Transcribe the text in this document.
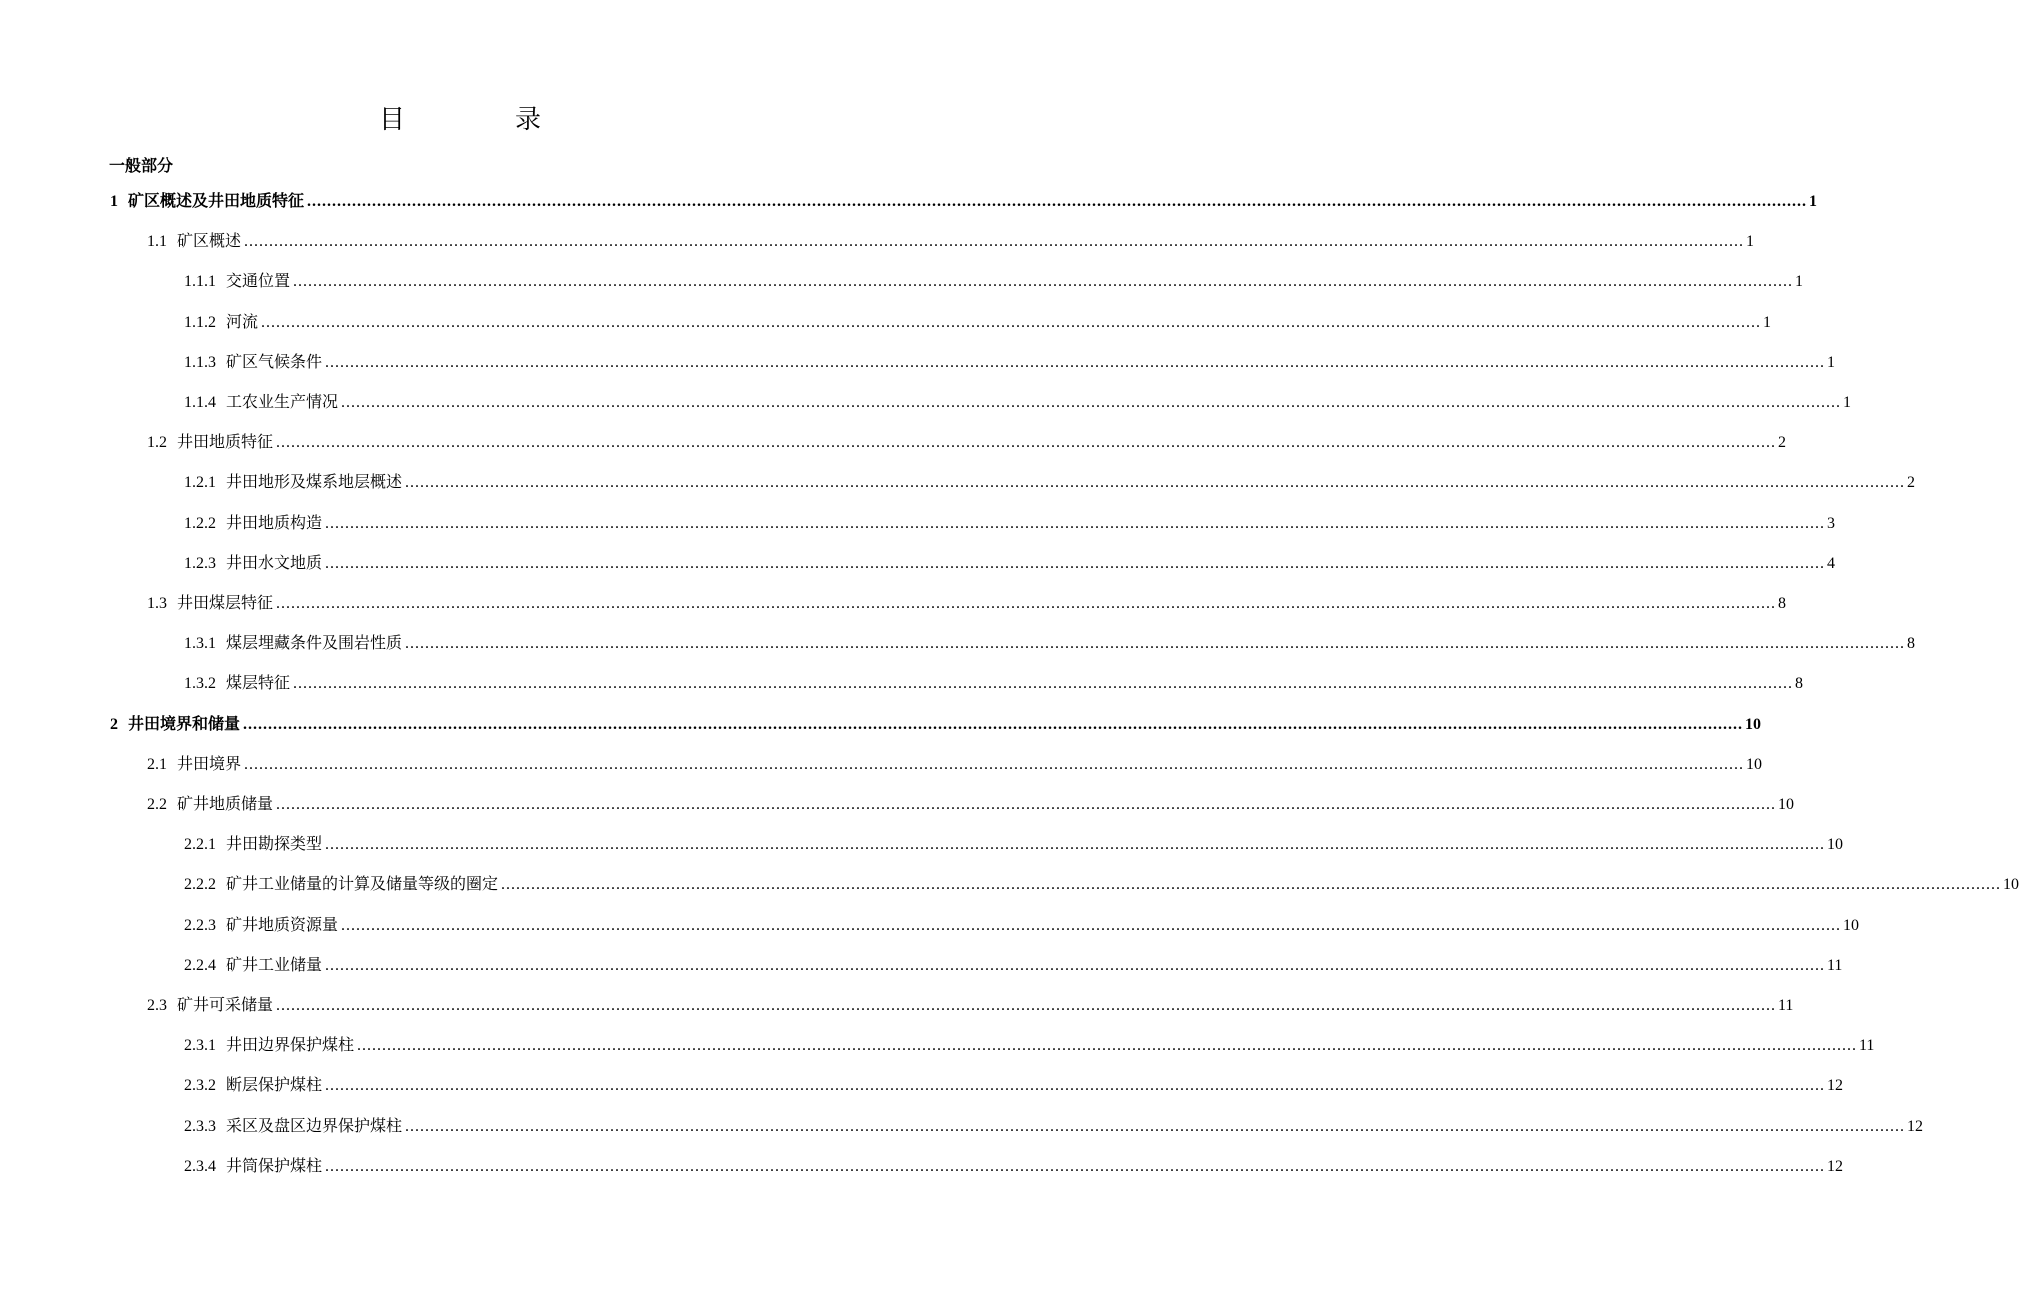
目　录
一般部分
1 矿区概述及井田地质特征 ............................................................................................................................................................................................................................................................................................................ 1
1.1 矿区概述 ............................................................................................................................................................................................................................................................................................................ 1
1.1.1 交通位置 ............................................................................................................................................................................................................................................................................................................ 1
1.1.2 河流 ............................................................................................................................................................................................................................................................................................................ 1
1.1.3 矿区气候条件 ............................................................................................................................................................................................................................................................................................................ 1
1.1.4 工农业生产情况 ............................................................................................................................................................................................................................................................................................................ 1
1.2 井田地质特征 ............................................................................................................................................................................................................................................................................................................ 2
1.2.1 井田地形及煤系地层概述 ............................................................................................................................................................................................................................................................................................................ 2
1.2.2 井田地质构造 ............................................................................................................................................................................................................................................................................................................ 3
1.2.3 井田水文地质 ............................................................................................................................................................................................................................................................................................................ 4
1.3 井田煤层特征 ............................................................................................................................................................................................................................................................................................................ 8
1.3.1 煤层埋藏条件及围岩性质 ............................................................................................................................................................................................................................................................................................................ 8
1.3.2 煤层特征 ............................................................................................................................................................................................................................................................................................................ 8
2 井田境界和储量 ............................................................................................................................................................................................................................................................................................................ 10
2.1 井田境界 ............................................................................................................................................................................................................................................................................................................ 10
2.2 矿井地质储量 ............................................................................................................................................................................................................................................................................................................ 10
2.2.1 井田勘探类型 ............................................................................................................................................................................................................................................................................................................ 10
2.2.2 矿井工业储量的计算及储量等级的圈定 ............................................................................................................................................................................................................................................................................................................ 10
2.2.3 矿井地质资源量 ............................................................................................................................................................................................................................................................................................................ 10
2.2.4 矿井工业储量 ............................................................................................................................................................................................................................................................................................................ 11
2.3 矿井可采储量 ............................................................................................................................................................................................................................................................................................................ 11
2.3.1 井田边界保护煤柱 ............................................................................................................................................................................................................................................................................................................ 11
2.3.2 断层保护煤柱 ............................................................................................................................................................................................................................................................................................................ 12
2.3.3 采区及盘区边界保护煤柱 ............................................................................................................................................................................................................................................................................................................ 12
2.3.4 井筒保护煤柱 ............................................................................................................................................................................................................................................................................................................ 12
